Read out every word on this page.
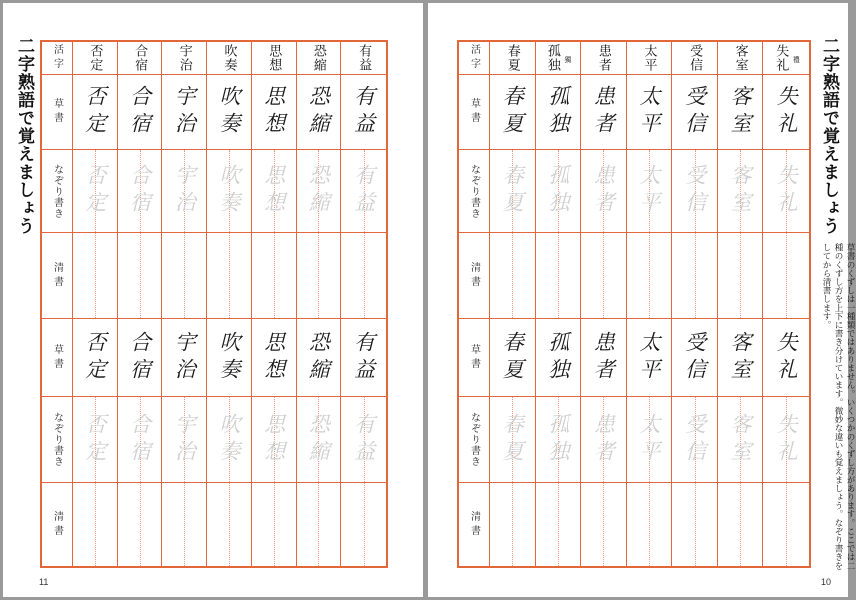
二字熟語で覚えましょう	活字 否定 合宿 宇治 吹奏 思想 恐縮 有益
草書 否定 合宿 宇治 吹奏 思想 恐縮 有益
なぞり書き 否定 合宿 宇治 吹奏 思想 恐縮 有益
清書
草書 否定 合宿 宇治 吹奏 思想 恐縮 有益
なぞり書き 否定 合宿 宇治 吹奏 思想 恐縮 有益
清書
11
活字 春夏 孤独 獨 患者 太平 受信 客室 失礼 禮
草書 春夏 孤独 患者 太平 受信 客室 失礼
なぞり書き 春夏 孤独 患者 太平 受信 客室 失礼
清書
草書 春夏 孤独 患者 太平 受信 客室 失礼
なぞり書き 春夏 孤独 患者 太平 受信 客室 失礼
清書
二字熟語で覚えましょう
草書のくずしは一種類ではありません。いくつかのくずし方があります。ここでは二種のくずし方を上下に書き分けています。微妙な違いも覚えましょう。なぞり書きをしてから清書します。
10
